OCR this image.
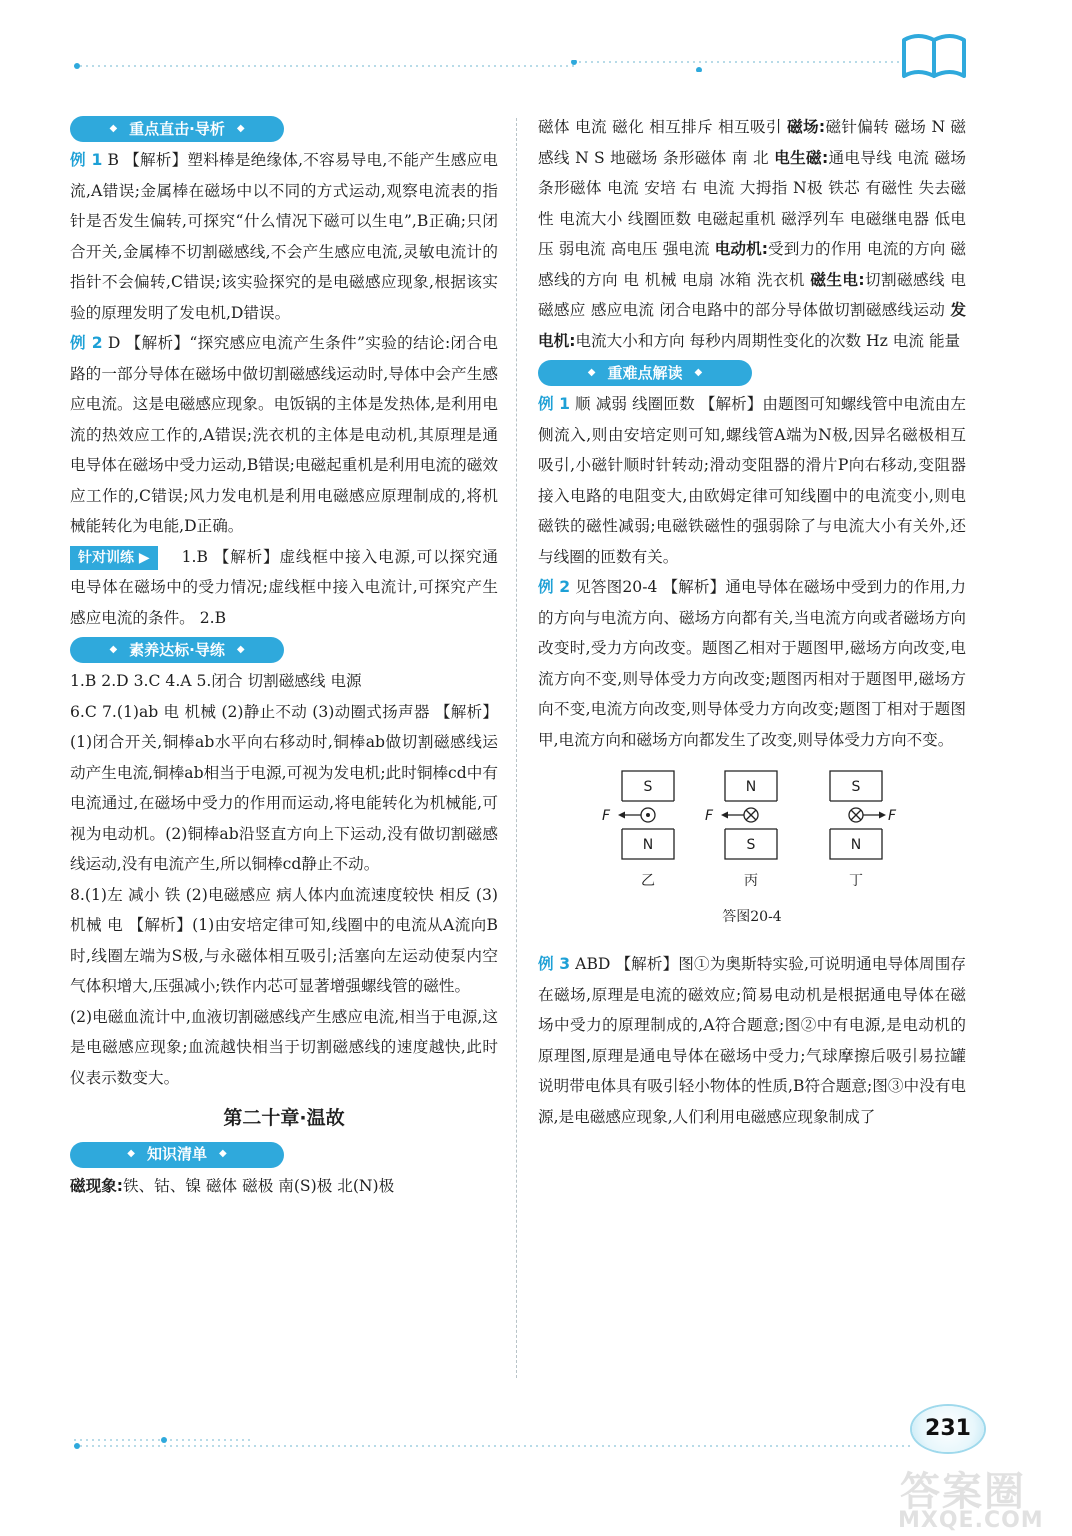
◆ 重点直击·导析 ◆

例 1 B 【解析】塑料棒是绝缘体,不容易导电,不能产生感应电流,A错误;金属棒在磁场中以不同的方式运动,观察电流表的指针是否发生偏转,可探究“什么情况下磁可以生电”,B正确;只闭合开关,金属棒不切割磁感线,不会产生感应电流,灵敏电流计的指针不会偏转,C错误;该实验探究的是电磁感应现象,根据该实验的原理发明了发电机,D错误。

例 2 D 【解析】“探究感应电流产生条件”实验的结论:闭合电路的一部分导体在磁场中做切割磁感线运动时,导体中会产生感应电流。这是电磁感应现象。电饭锅的主体是发热体,是利用电流的热效应工作的,A错误;洗衣机的主体是电动机,其原理是通电导体在磁场中受力运动,B错误;电磁起重机是利用电流的磁效应工作的,C错误;风力发电机是利用电磁感应原理制成的,将机械能转化为电能,D正确。

针对训练 ▶ 1.B 【解析】虚线框中接入电源,可以探究通电导体在磁场中的受力情况;虚线框中接入电流计,可探究产生感应电流的条件。 2.B

◆ 素养达标·导练 ◆

1.B 2.D 3.C 4.A 5.闭合 切割磁感线 电源

6.C 7.(1)ab 电 机械 (2)静止不动 (3)动圈式扬声器 【解析】(1)闭合开关,铜棒ab水平向右移动时,铜棒ab做切割磁感线运动产生电流,铜棒ab相当于电源,可视为发电机;此时铜棒cd中有电流通过,在磁场中受力的作用而运动,将电能转化为机械能,可视为电动机。(2)铜棒ab沿竖直方向上下运动,没有做切割磁感线运动,没有电流产生,所以铜棒cd静止不动。

8.(1)左 减小 铁 (2)电磁感应 病人体内血流速度较快 相反 (3)机械 电 【解析】(1)由安培定律可知,线圈中的电流从A流向B时,线圈左端为S极,与永磁体相互吸引;活塞向左运动使泵内空气体积增大,压强减小;铁作内芯可显著增强螺线管的磁性。

(2)电磁血流计中,血液切割磁感线产生感应电流,相当于电源,这是电磁感应现象;血流越快相当于切割磁感线的速度越快,此时仪表示数变大。

第二十章·温故
◆ 知识清单 ◆

磁现象:铁、钴、镍 磁体 磁极 南(S)极 北(N)极

磁体 电流 磁化 相互排斥 相互吸引 磁场:磁针偏转 磁场 N 磁感线 N S 地磁场 条形磁体 南 北 电生磁:通电导线 电流 磁场 条形磁体 电流 安培 右 电流 大拇指 N极 铁芯 有磁性 失去磁性 电流大小 线圈匝数 电磁起重机 磁浮列车 电磁继电器 低电压 弱电流 高电压 强电流 电动机:受到力的作用 电流的方向 磁感线的方向 电 机械 电扇 冰箱 洗衣机 磁生电:切割磁感线 电磁感应 感应电流 闭合电路中的部分导体做切割磁感线运动 发电机:电流大小和方向 每秒内周期性变化的次数 Hz 电流 能量

◆ 重难点解读 ◆

例 1 顺 减弱 线圈匝数 【解析】由题图可知螺线管中电流由左侧流入,则由安培定则可知,螺线管A端为N极,因异名磁极相互吸引,小磁针顺时针转动;滑动变阻器的滑片P向右移动,变阻器接入电路的电阻变大,由欧姆定律可知线圈中的电流变小,则电磁铁的磁性减弱;电磁铁磁性的强弱除了与电流大小有关外,还与线圈的匝数有关。

例 2 见答图20-4 【解析】通电导体在磁场中受到力的作用,力的方向与电流方向、磁场方向都有关,当电流方向或者磁场方向改变时,受力方向改变。题图乙相对于题图甲,磁场方向改变,电流方向不变,则导体受力方向改变;题图丙相对于题图甲,磁场方向不变,电流方向改变,则导体受力方向改变;题图丁相对于题图甲,电流方向和磁场方向都发生了改变,则导体受力方向不变。

S
F
N
乙
N
F
S
丙
S
F
N
丁
答图20-4

例 3 ABD 【解析】图①为奥斯特实验,可说明通电导体周围存在磁场,原理是电流的磁效应;简易电动机是根据通电导体在磁场中受力的原理制成的,A符合题意;图②中有电源,是电动机的原理图,原理是通电导体在磁场中受力;气球摩擦后吸引易拉罐说明带电体具有吸引轻小物体的性质,B符合题意;图③中没有电源,是电磁感应现象,人们利用电磁感应现象制成了

231
答案圈
MXQE.COM
